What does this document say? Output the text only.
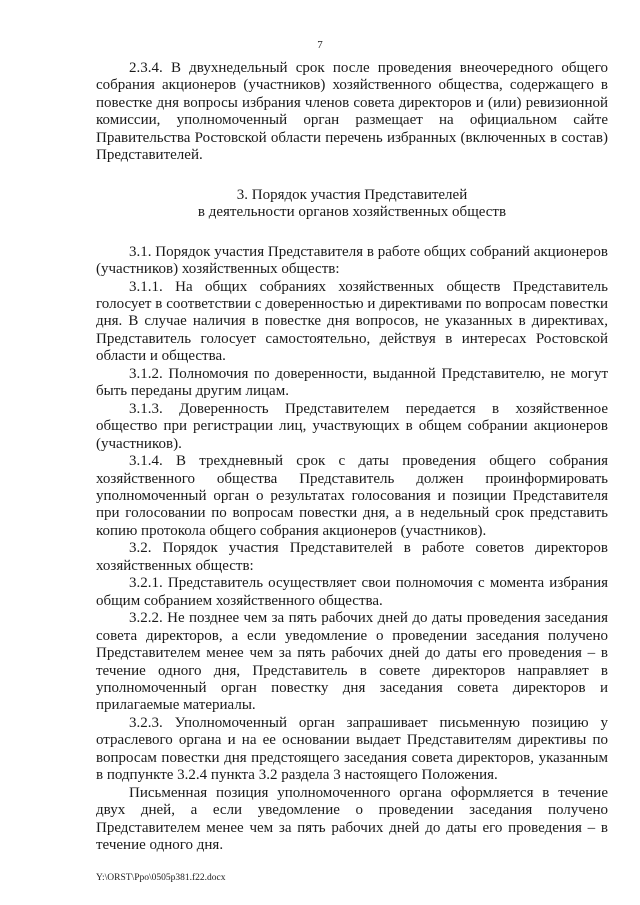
7

2.3.4. В двухнедельный срок после проведения внеочередного общего собрания акционеров (участников) хозяйственного общества, содержащего в повестке дня вопросы избрания членов совета директоров и (или) ревизионной комиссии, уполномоченный орган размещает на официальном сайте Правительства Ростовской области перечень избранных (включенных в состав) Представителей.

3. Порядок участия Представителей
в деятельности органов хозяйственных обществ

3.1. Порядок участия Представителя в работе общих собраний акционеров (участников) хозяйственных обществ:

3.1.1. На общих собраниях хозяйственных обществ Представитель голосует в соответствии с доверенностью и директивами по вопросам повестки дня. В случае наличия в повестке дня вопросов, не указанных в директивах, Представитель голосует самостоятельно, действуя в интересах Ростовской области и общества.

3.1.2. Полномочия по доверенности, выданной Представителю, не могут быть переданы другим лицам.

3.1.3. Доверенность Представителем передается в хозяйственное общество при регистрации лиц, участвующих в общем собрании акционеров (участников).

3.1.4. В трехдневный срок с даты проведения общего собрания хозяйственного общества Представитель должен проинформировать уполномоченный орган о результатах голосования и позиции Представителя при голосовании по вопросам повестки дня, а в недельный срок представить копию протокола общего собрания акционеров (участников).

3.2. Порядок участия Представителей в работе советов директоров хозяйственных обществ:

3.2.1. Представитель осуществляет свои полномочия с момента избрания общим собранием хозяйственного общества.

3.2.2. Не позднее чем за пять рабочих дней до даты проведения заседания совета директоров, а если уведомление о проведении заседания получено Представителем менее чем за пять рабочих дней до даты его проведения – в течение одного дня, Представитель в совете директоров направляет в уполномоченный орган повестку дня заседания совета директоров и прилагаемые материалы.

3.2.3. Уполномоченный орган запрашивает письменную позицию у отраслевого органа и на ее основании выдает Представителям директивы по вопросам повестки дня предстоящего заседания совета директоров, указанным в подпункте 3.2.4 пункта 3.2 раздела 3 настоящего Положения.

Письменная позиция уполномоченного органа оформляется в течение двух дней, а если уведомление о проведении заседания получено Представителем менее чем за пять рабочих дней до даты его проведения – в течение одного дня.

Y:\ORST\Ppo\0505p381.f22.docx
